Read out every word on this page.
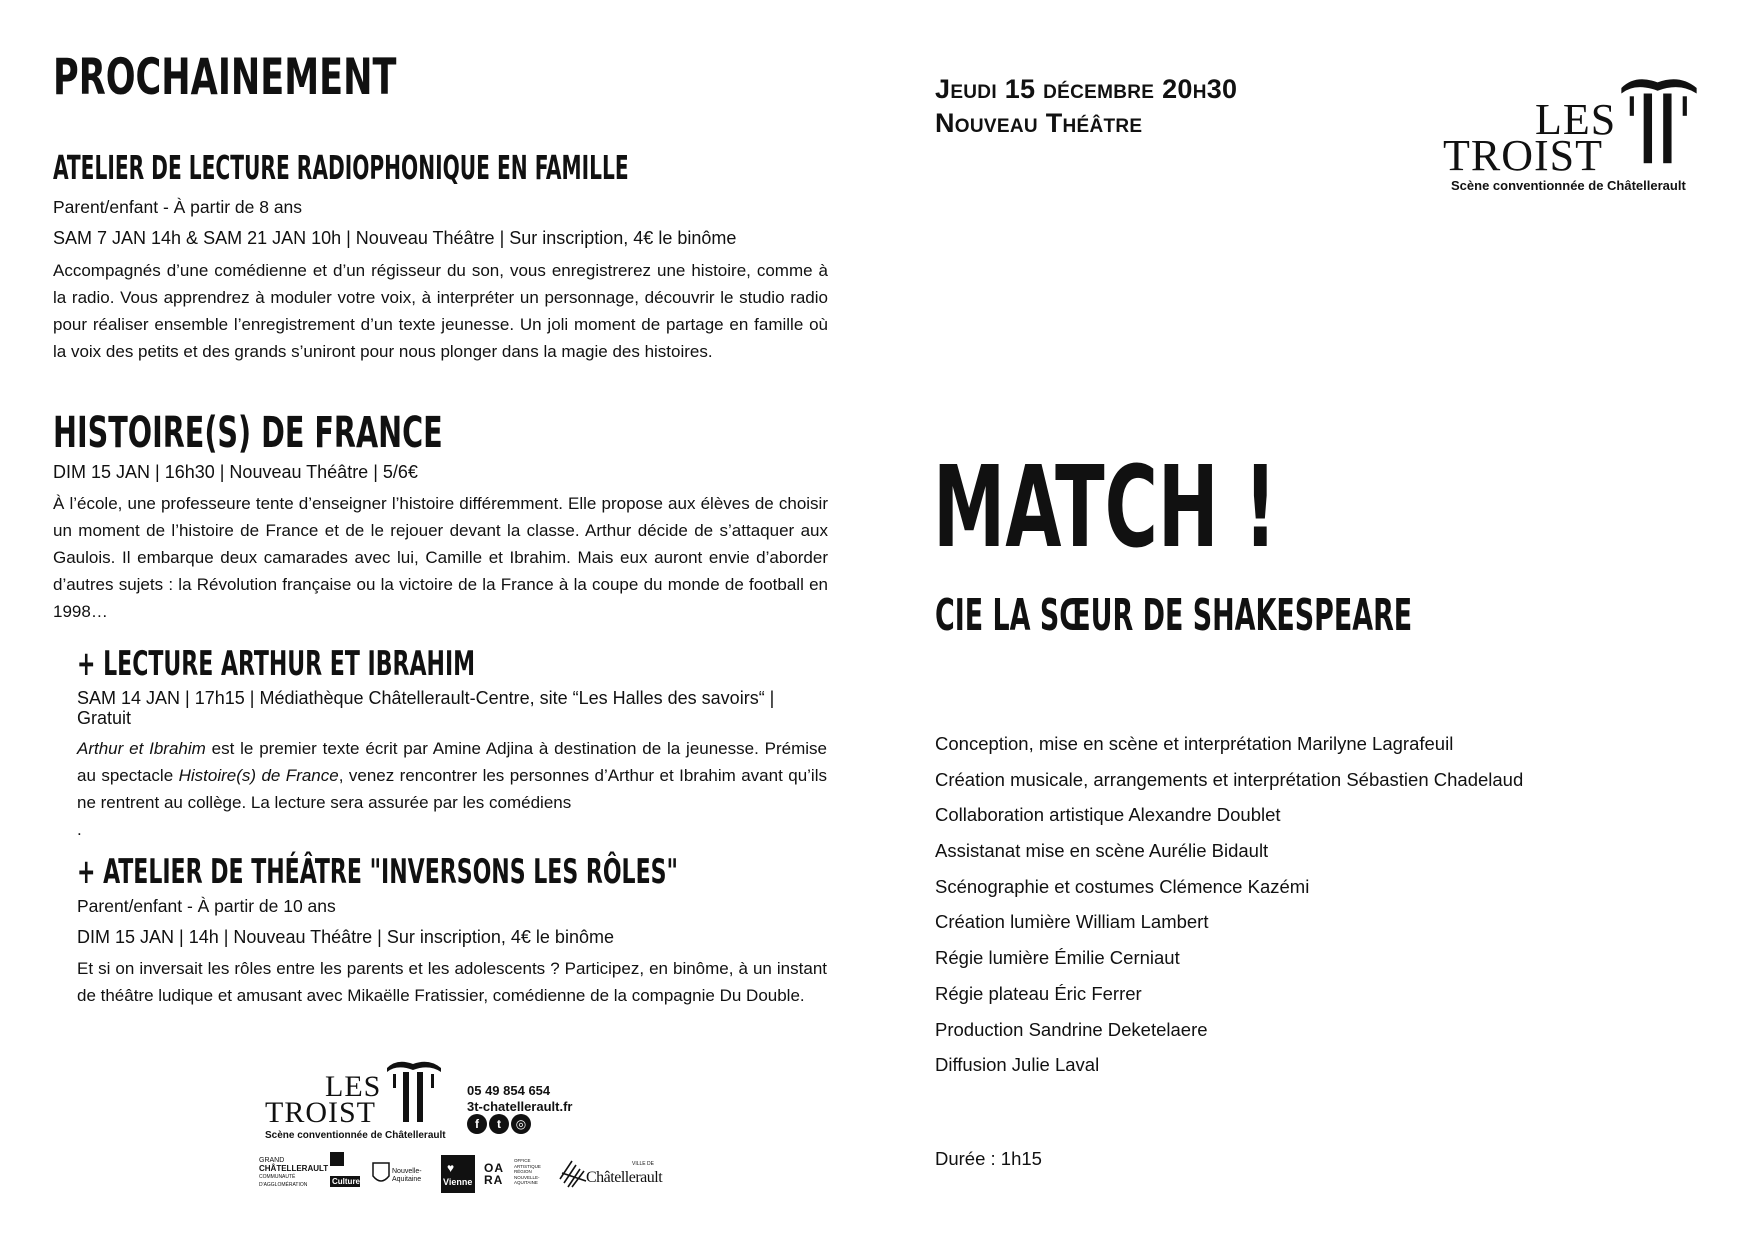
PROCHAINEMENT
ATELIER DE LECTURE RADIOPHONIQUE EN FAMILLE
Parent/enfant - À partir de 8 ans
SAM 7 JAN 14h & SAM 21 JAN 10h | Nouveau Théâtre | Sur inscription, 4€ le binôme
Accompagnés d’une comédienne et d’un régisseur du son, vous enregistrerez une histoire, comme à la radio. Vous apprendrez à moduler votre voix, à interpréter un personnage, découvrir le studio radio pour réaliser ensemble l’enregistrement d’un texte jeunesse. Un joli moment de partage en famille où la voix des petits et des grands s’uniront pour nous plonger dans la magie des histoires.
HISTOIRE(S) DE FRANCE
DIM 15 JAN | 16h30 | Nouveau Théâtre | 5/6€
À l’école, une professeure tente d’enseigner l’histoire différemment. Elle propose aux élèves de choisir un moment de l’histoire de France et de le rejouer devant la classe. Arthur décide de s’attaquer aux Gaulois. Il embarque deux camarades avec lui, Camille et Ibrahim. Mais eux auront envie d’aborder d’autres sujets : la Révolution française ou la victoire de la France à la coupe du monde de football en 1998…
+ LECTURE ARTHUR ET IBRAHIM
SAM 14 JAN | 17h15 | Médiathèque Châtellerault-Centre, site “Les Halles des savoirs“ | Gratuit
Arthur et Ibrahim est le premier texte écrit par Amine Adjina à destination de la jeunesse. Prémise au spectacle Histoire(s) de France, venez rencontrer les personnes d’Arthur et Ibrahim avant qu’ils ne rentrent au collège. La lecture sera assurée par les comédiens
.
+ ATELIER DE THÉÂTRE "INVERSONS LES RÔLES"
Parent/enfant - À partir de 10 ans
DIM 15 JAN | 14h | Nouveau Théâtre | Sur inscription, 4€ le binôme
Et si on inversait les rôles entre les parents et les adolescents ? Participez, en binôme, à un instant de théâtre ludique et amusant avec Mikaëlle Fratissier, comédienne de la compagnie Du Double.
LES
TROIST
Scène conventionnée de Châtellerault
05 49 854 654
3t-chatellerault.fr
f t ◎
GRAND
CHÂTELLERAULT
COMMUNAUTÉ
D'AGGLOMÉRATION	Culture
Nouvelle-
Aquitaine
♥
Vienne
OARA
OFFICE
ARTISTIQUE
RÉGION
NOUVELLE-
AQUITAINE
VILLE DE
Châtellerault
Jeudi 15 décembre 20h30
Nouveau Théâtre	LES
TROIST
Scène conventionnée de Châtellerault
MATCH !
CIE LA SŒUR DE SHAKESPEARE
Conception, mise en scène et interprétation Marilyne Lagrafeuil
Création musicale, arrangements et interprétation Sébastien Chadelaud
Collaboration artistique Alexandre Doublet
Assistanat mise en scène Aurélie Bidault
Scénographie et costumes Clémence Kazémi
Création lumière William Lambert
Régie lumière Émilie Cerniaut
Régie plateau Éric Ferrer
Production Sandrine Deketelaere
Diffusion Julie Laval
Durée : 1h15
